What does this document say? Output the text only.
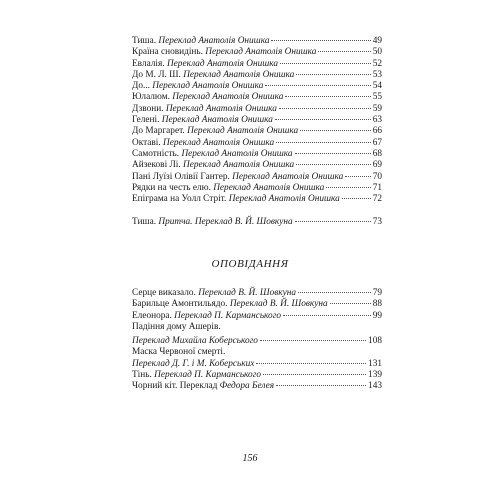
Тиша. Переклад Анатолія Онишка	49
Країна сновидінь. Переклад Анатолія Онишка	50
Евлалія. Переклад Анатолія Онишка	52
До М. Л. Ш. Переклад Анатолія Онишка	53
До... Переклад Анатолія Онишка	54
Юлалюм. Переклад Анатолія Онишка	55
Дзвони. Переклад Анатолія Онишка	59
Гелені. Переклад Анатолія Онишка	63
До Маргарет. Переклад Анатолія Онишка	66
Октаві. Переклад Анатолія Онишка	67
Самотність. Переклад Анатолія Онишка	68
Айзекові Лі. Переклад Анатолія Онишка	69
Пані Луїзі Олівії Гантер. Переклад Анатолія Онишка	70
Рядки на честь елю. Переклад Анатолія Онишка	71
Епіграма на Уолл Стріт. Переклад Анатолія Онишка	72
Тиша. Притча. Переклад В. Й. Шовкуна	73
ОПОВІДАННЯ
Серце виказало. Переклад В. Й. Шовкуна	79
Барильце Амонтильядо. Переклад В. Й. Шовкуна	88
Елеонора. Переклад П. Карманського	99
Падіння дому Ашерів.
Переклад Михайла Коберського	108
Маска Червоної смерті.
Переклад Д. Г. і М. Коберських	131
Тінь. Переклад П. Карманського	139
Чорний кіт. Переклад Федора Белея	143
156
